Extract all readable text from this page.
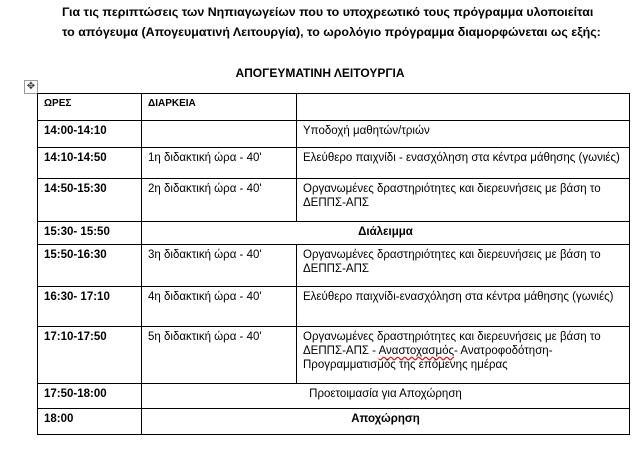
Για τις περιπτώσεις των Νηπιαγωγείων που το υποχρεωτικό τους πρόγραμμα υλοποιείται
το απόγευμα (Απογευματινή Λειτουργία), το ωρολόγιο πρόγραμμα διαμορφώνεται ως εξής:
ΑΠΟΓΕΥΜΑΤΙΝΗ ΛΕΙΤΟΥΡΓΙΑ
✥
ΩΡΕΣ	ΔΙΑΡΚΕΙΑ	
14:00-14:10		Υποδοχή μαθητών/τριών
14:10-14:50	1η διδακτική ώρα - 40'	Ελεύθερο παιχνίδι - ενασχόληση στα κέντρα μάθησης (γωνιές)
14:50-15:30	2η διδακτική ώρα - 40'	Οργανωμένες δραστηριότητες και διερευνήσεις με βάση το ΔΕΠΠΣ-ΑΠΣ
15:30- 15:50	Διάλειμμα	
15:50-16:30	3η διδακτική ώρα - 40'	Οργανωμένες δραστηριότητες και διερευνήσεις με βάση το ΔΕΠΠΣ-ΑΠΣ
16:30- 17:10	4η διδακτική ώρα - 40'	Ελεύθερο παιχνίδι-ενασχόληση στα κέντρα μάθησης (γωνιές)
17:10-17:50	5η διδακτική ώρα - 40'	Οργανωμένες δραστηριότητες και διερευνήσεις με βάση το ΔΕΠΠΣ-ΑΠΣ - Αναστοχασμός- Ανατροφοδότηση-Προγραμματισμός της επόμενης ημέρας
17:50-18:00	Προετοιμασία για Αποχώρηση	
18:00	Αποχώρηση	
